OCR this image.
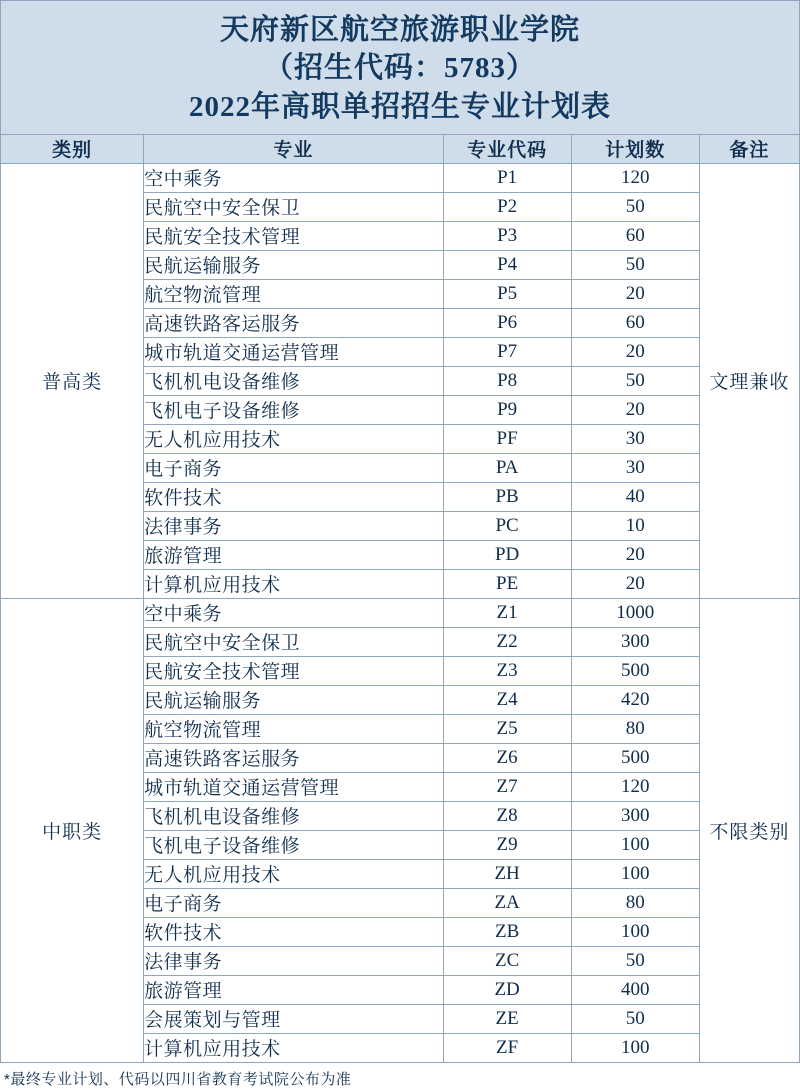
天府新区航空旅游职业学院
（招生代码：5783）
2022年高职单招招生专业计划表
类别	专业	专业代码	计划数	备注
普高类	空中乘务	P1	120	文理兼收
	民航空中安全保卫	P2	50	
	民航安全技术管理	P3	60	
	民航运输服务	P4	50	
	航空物流管理	P5	20	
	高速铁路客运服务	P6	60	
	城市轨道交通运营管理	P7	20	
	飞机机电设备维修	P8	50	
	飞机电子设备维修	P9	20	
	无人机应用技术	PF	30	
	电子商务	PA	30	
	软件技术	PB	40	
	法律事务	PC	10	
	旅游管理	PD	20	
	计算机应用技术	PE	20	
中职类	空中乘务	Z1	1000	不限类别
	民航空中安全保卫	Z2	300	
	民航安全技术管理	Z3	500	
	民航运输服务	Z4	420	
	航空物流管理	Z5	80	
	高速铁路客运服务	Z6	500	
	城市轨道交通运营管理	Z7	120	
	飞机机电设备维修	Z8	300	
	飞机电子设备维修	Z9	100	
	无人机应用技术	ZH	100	
	电子商务	ZA	80	
	软件技术	ZB	100	
	法律事务	ZC	50	
	旅游管理	ZD	400	
	会展策划与管理	ZE	50	
	计算机应用技术	ZF	100	
*最终专业计划、代码以四川省教育考试院公布为准
